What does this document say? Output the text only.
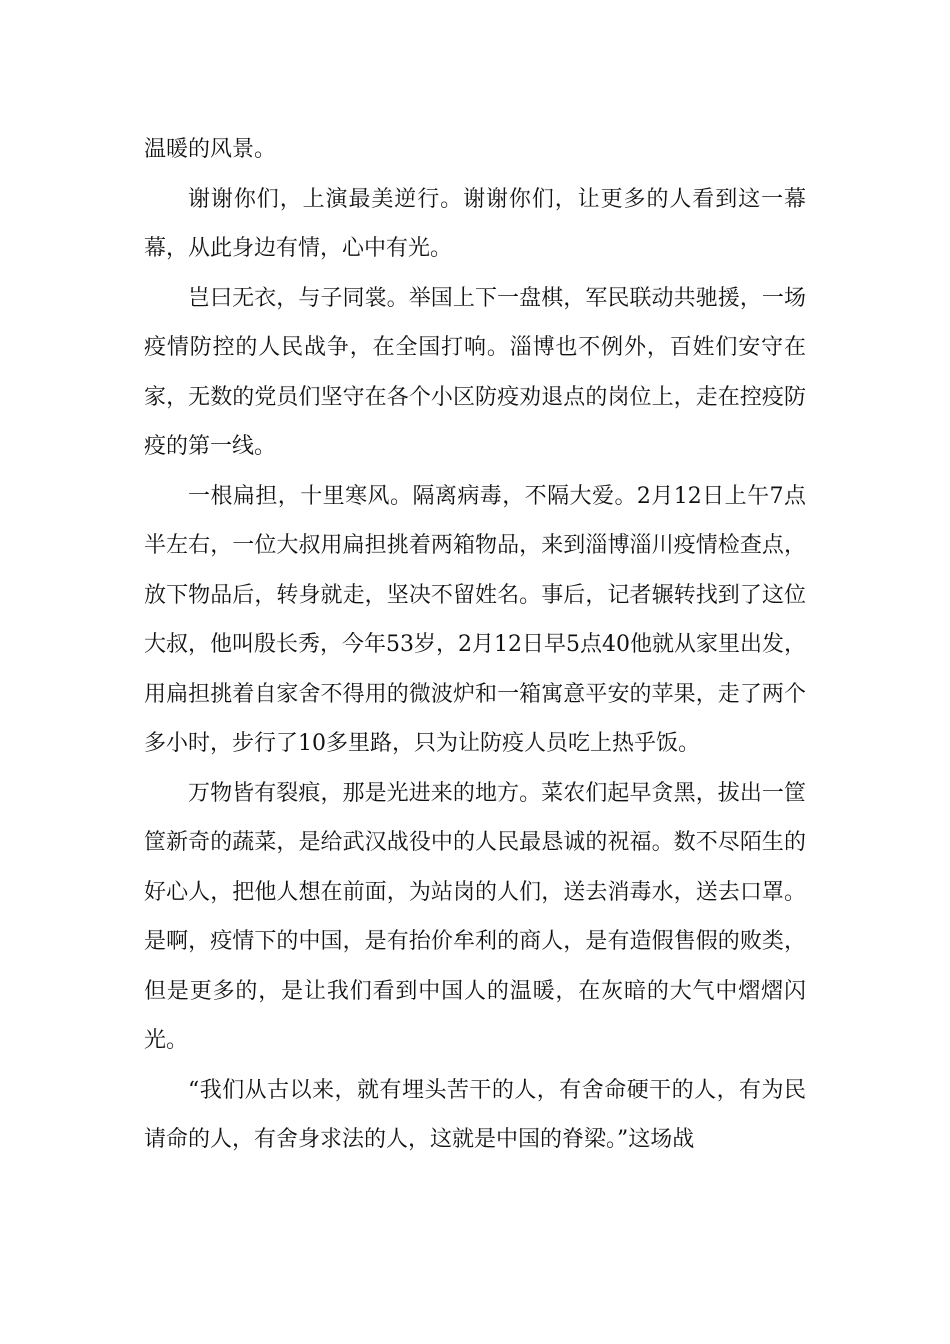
温暖的风景。

谢谢你们，上演最美逆行。谢谢你们，让更多的人看到这一幕幕，从此身边有情，心中有光。

岂曰无衣，与子同裳。举国上下一盘棋，军民联动共驰援，一场疫情防控的人民战争，在全国打响。淄博也不例外，百姓们安守在家，无数的党员们坚守在各个小区防疫劝退点的岗位上，走在控疫防疫的第一线。

一根扁担，十里寒风。隔离病毒，不隔大爱。2月12日上午7点半左右，一位大叔用扁担挑着两箱物品，来到淄博淄川疫情检查点，放下物品后，转身就走，坚决不留姓名。事后，记者辗转找到了这位大叔，他叫殷长秀，今年53岁，2月12日早5点40他就从家里出发，用扁担挑着自家舍不得用的微波炉和一箱寓意平安的苹果，走了两个多小时，步行了10多里路，只为让防疫人员吃上热乎饭。

万物皆有裂痕，那是光进来的地方。菜农们起早贪黑，拔出一筐筐新奇的蔬菜，是给武汉战役中的人民最恳诚的祝福。数不尽陌生的好心人，把他人想在前面，为站岗的人们，送去消毒水，送去口罩。是啊，疫情下的中国，是有抬价牟利的商人，是有造假售假的败类，但是更多的，是让我们看到中国人的温暖，在灰暗的大气中熠熠闪光。

“我们从古以来，就有埋头苦干的人，有舍命硬干的人，有为民请命的人，有舍身求法的人，这就是中国的脊梁。”这场战
